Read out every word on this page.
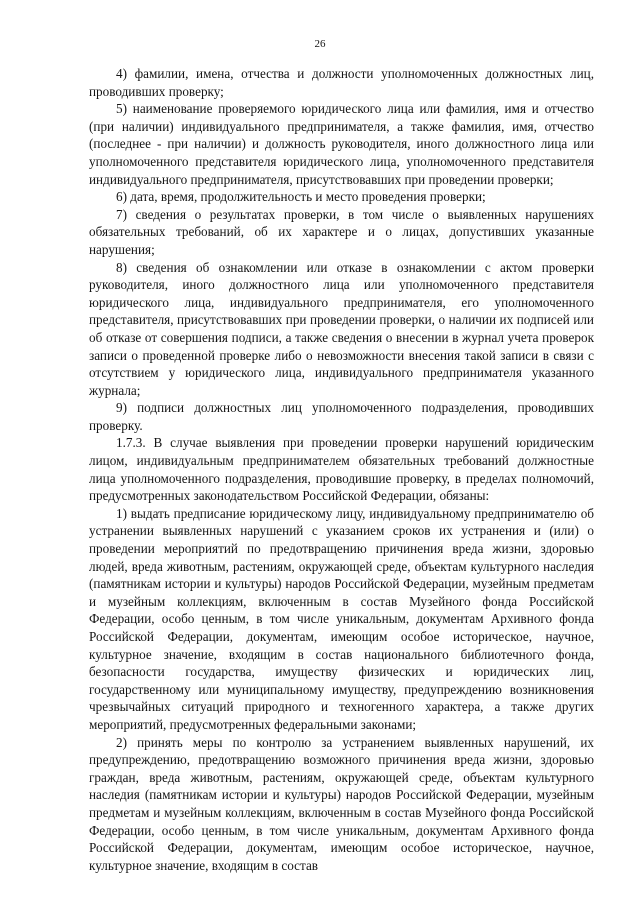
26

4) фамилии, имена, отчества и должности уполномоченных должностных лиц, проводивших проверку;

5) наименование проверяемого юридического лица или фамилия, имя и отчество (при наличии) индивидуального предпринимателя, а также фамилия, имя, отчество (последнее - при наличии) и должность руководителя, иного должностного лица или уполномоченного представителя юридического лица, уполномоченного представителя индивидуального предпринимателя, присутствовавших при проведении проверки;

6) дата, время, продолжительность и место проведения проверки;

7) сведения о результатах проверки, в том числе о выявленных нарушениях обязательных требований, об их характере и о лицах, допустивших указанные нарушения;

8) сведения об ознакомлении или отказе в ознакомлении с актом проверки руководителя, иного должностного лица или уполномоченного представителя юридического лица, индивидуального предпринимателя, его уполномоченного представителя, присутствовавших при проведении проверки, о наличии их подписей или об отказе от совершения подписи, а также сведения о внесении в журнал учета проверок записи о проведенной проверке либо о невозможности внесения такой записи в связи с отсутствием у юридического лица, индивидуального предпринимателя указанного журнала;

9) подписи должностных лиц уполномоченного подразделения, проводивших проверку.

1.7.3. В случае выявления при проведении проверки нарушений юридическим лицом, индивидуальным предпринимателем обязательных требований должностные лица уполномоченного подразделения, проводившие проверку, в пределах полномочий, предусмотренных законодательством Российской Федерации, обязаны:

1) выдать предписание юридическому лицу, индивидуальному предпринимателю об устранении выявленных нарушений с указанием сроков их устранения и (или) о проведении мероприятий по предотвращению причинения вреда жизни, здоровью людей, вреда животным, растениям, окружающей среде, объектам культурного наследия (памятникам истории и культуры) народов Российской Федерации, музейным предметам и музейным коллекциям, включенным в состав Музейного фонда Российской Федерации, особо ценным, в том числе уникальным, документам Архивного фонда Российской Федерации, документам, имеющим особое историческое, научное, культурное значение, входящим в состав национального библиотечного фонда, безопасности государства, имуществу физических и юридических лиц, государственному или муниципальному имуществу, предупреждению возникновения чрезвычайных ситуаций природного и техногенного характера, а также других мероприятий, предусмотренных федеральными законами;

2) принять меры по контролю за устранением выявленных нарушений, их предупреждению, предотвращению возможного причинения вреда жизни, здоровью граждан, вреда животным, растениям, окружающей среде, объектам культурного наследия (памятникам истории и культуры) народов Российской Федерации, музейным предметам и музейным коллекциям, включенным в состав Музейного фонда Российской Федерации, особо ценным, в том числе уникальным, документам Архивного фонда Российской Федерации, документам, имеющим особое историческое, научное, культурное значение, входящим в состав
